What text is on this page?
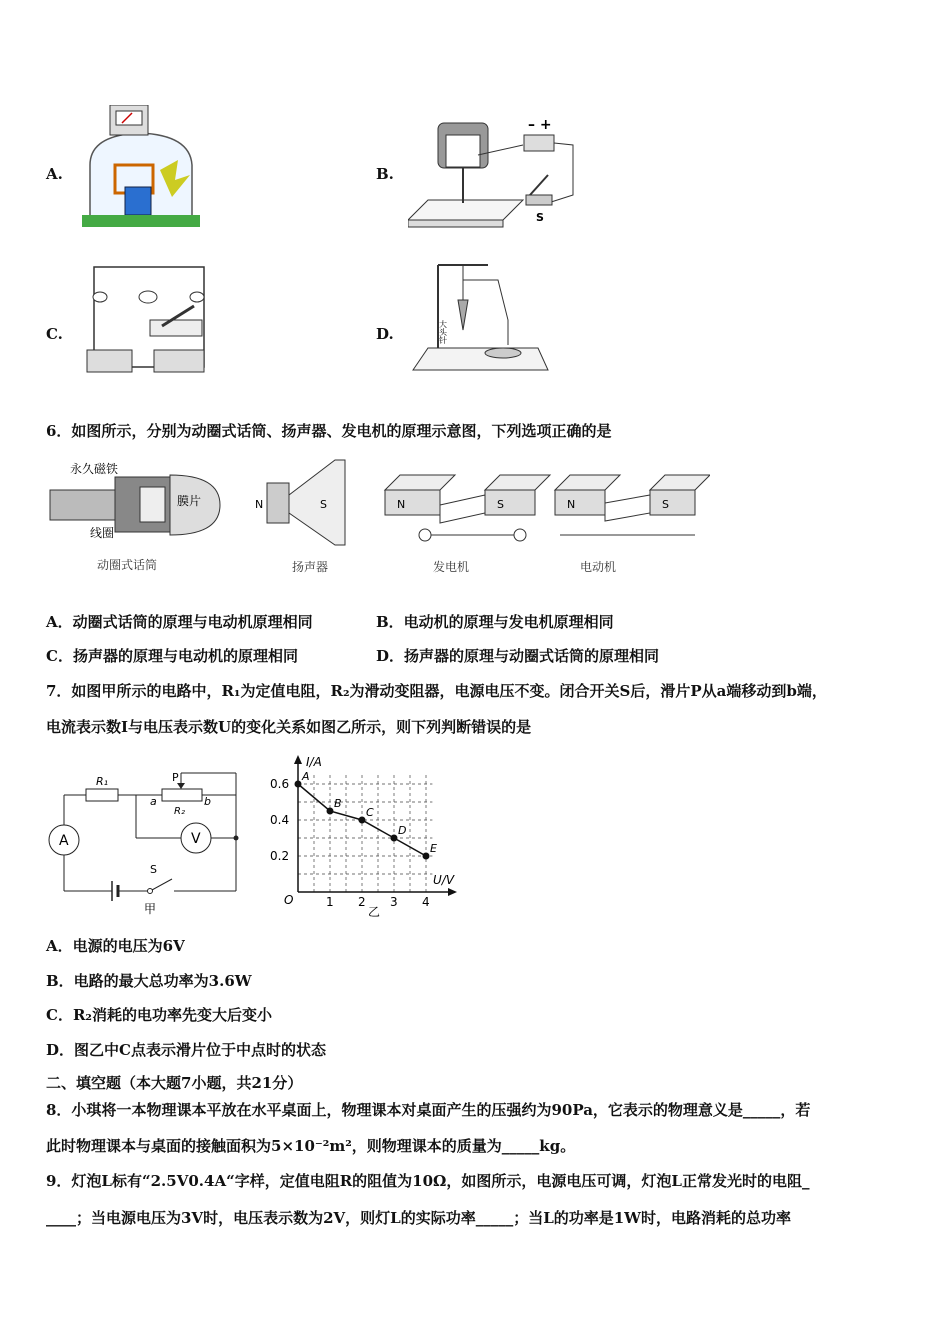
A.	B.
– +
S
C.	D.	大头针
6．如图所示，分别为动圈式话筒、扬声器、发电机的原理示意图，下列选项正确的是
永久磁铁
膜片
线圈
N	S	N	S	N	S
动圈式话筒	扬声器	发电机	电动机
A．动圈式话筒的原理与电动机原理相同	B．电动机的原理与发电机原理相同
C．扬声器的原理与电动机的原理相同	D．扬声器的原理与动圈式话筒的原理相同
7．如图甲所示的电路中，R₁为定值电阻，R₂为滑动变阻器，电源电压不变。闭合开关S后，滑片P从a端移动到b端，
电流表示数I与电压表示数U的变化关系如图乙所示，则下列判断错误的是
R₁
R₂
P
a	b
A	V
S
甲
I/A
U/V
O
乙
1 2 3 4
0.2
0.4
0.6
A
B
C
D
E
A．电源的电压为6V
B．电路的最大总功率为3.6W
C．R₂消耗的电功率先变大后变小
D．图乙中C点表示滑片位于中点时的状态
二、填空题（本大题7小题，共21分）
8．小琪将一本物理课本平放在水平桌面上，物理课本对桌面产生的压强约为90Pa，它表示的物理意义是_____，若
此时物理课本与桌面的接触面积为5×10⁻²m²，则物理课本的质量为_____kg。
9．灯泡L标有“2.5V0.4A“字样，定值电阻R的阻值为10Ω，如图所示，电源电压可调，灯泡L正常发光时的电阻_
____；当电源电压为3V时，电压表示数为2V，则灯L的实际功率_____；当L的功率是1W时，电路消耗的总功率
